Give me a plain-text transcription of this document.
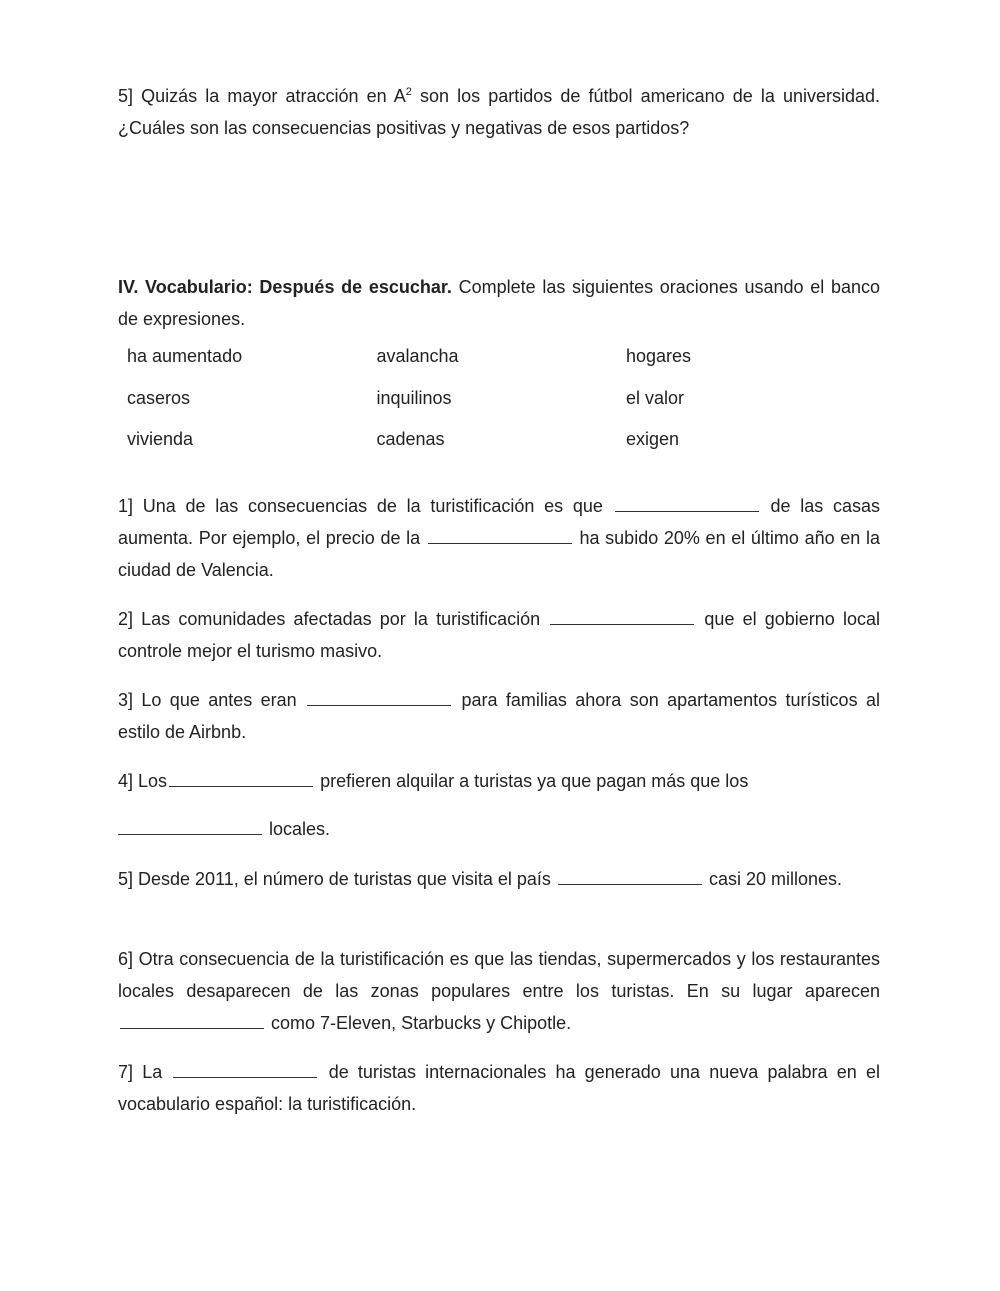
5] Quizás la mayor atracción en $A^2$ son los partidos de fútbol americano de la universidad. ¿Cuáles son las consecuencias positivas y negativas de esos partidos?

IV. Vocabulario: Después de escuchar. Complete las siguientes oraciones usando el banco de expresiones.

ha aumentado	avalancha	hogares
caseros	inquilinos	el valor
vivienda	cadenas	exigen

1] Una de las consecuencias de la turistificación es que	de las casas aumenta. Por ejemplo, el precio de la	ha subido 20% en el último año en la ciudad de Valencia.

2] Las comunidades afectadas por la turistificación	que el gobierno local controle mejor el turismo masivo.

3] Lo que antes eran	para familias ahora son apartamentos turísticos al estilo de Airbnb.

4] Los	prefieren alquilar a turistas ya que pagan más que los

locales.

5] Desde 2011, el número de turistas que visita el país	casi 20 millones.

6] Otra consecuencia de la turistificación es que las tiendas, supermercados y los restaurantes locales desaparecen de las zonas populares entre los turistas. En su lugar aparecen  como 7-Eleven, Starbucks y Chipotle.

7] La	de turistas internacionales ha generado una nueva palabra en el vocabulario español: la turistificación.
